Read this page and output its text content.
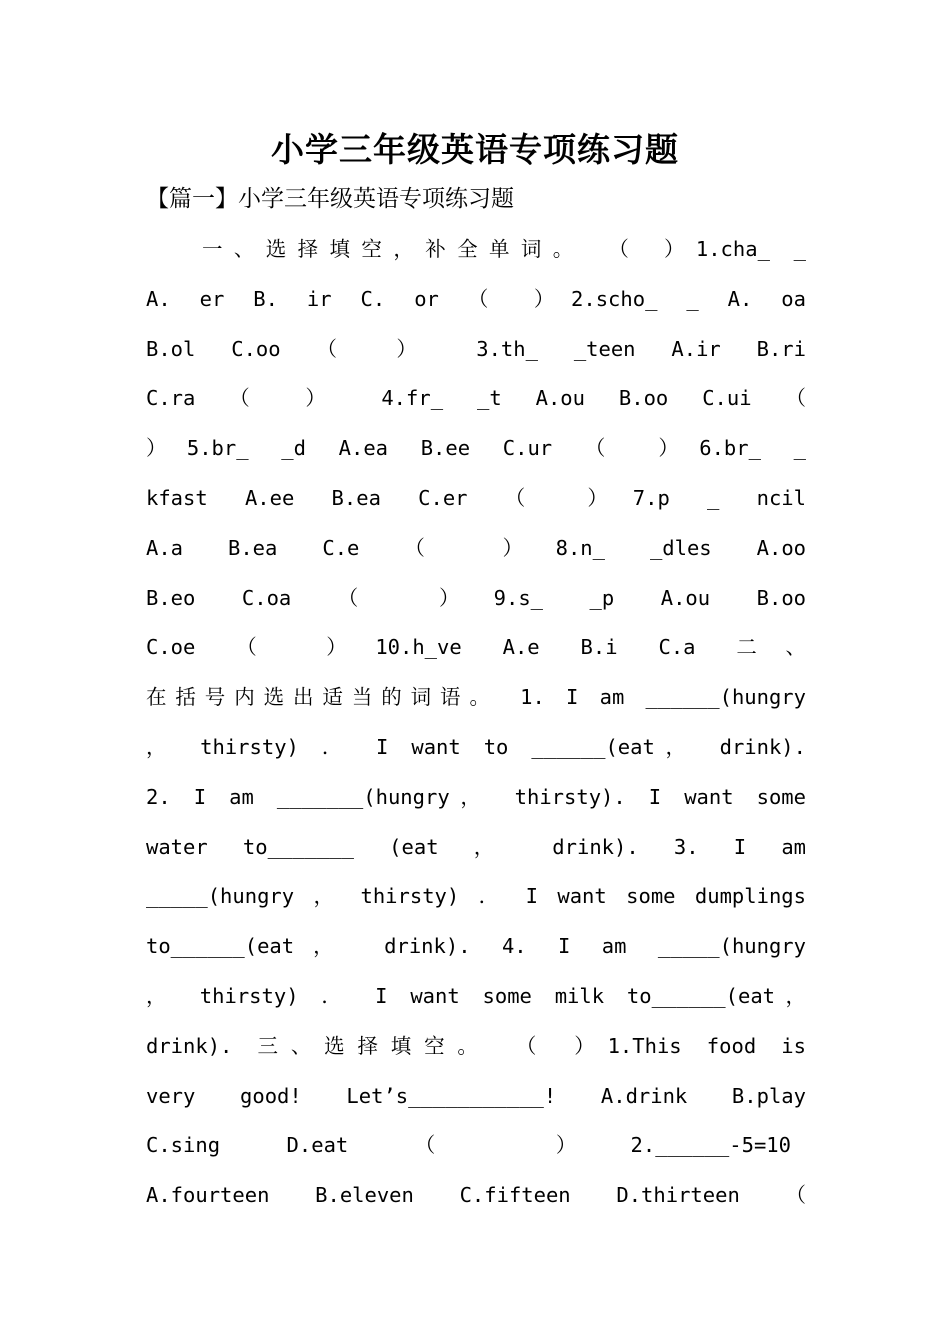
小学三年级英语专项练习题
【篇一】小学三年级英语专项练习题
一、选择填空，补全单词。 （ ）1.cha_ _
A. er B. ir C. or （ ）2.scho_ _ A. oa
B.ol C.oo （ ） 3.th_ _teen A.ir B.ri
C.ra （ ） 4.fr_ _t A.ou B.oo C.ui （
）5.br_ _d A.ea B.ee C.ur （ ）6.br_ _
kfast A.ee B.ea C.er （ ）7.p _ ncil
A.a B.ea C.e （ ）8.n_ _dles A.oo
B.eo C.oa （ ）9.s_ _p A.ou B.oo
C.oe （ ）10.h_ve A.e B.i C.a 二、
在括号内选出适当的词语。 1. I am ______(hungry
， thirsty) ． I want to ______(eat， drink).
2. I am _______(hungry， thirsty). I want some
water to_______ (eat ， drink). 3. I am
_____(hungry ， thirsty) ． I want some dumplings
to______(eat， drink). 4. I am _____(hungry
， thirsty) ． I want some milk to______(eat，
drink). 三、选择填空。 （ ）1.This food is
very good! Let’s___________! A.drink B.play
C.sing D.eat （ ）2.______-5=10
A.fourteen B.eleven C.fifteen D.thirteen （
